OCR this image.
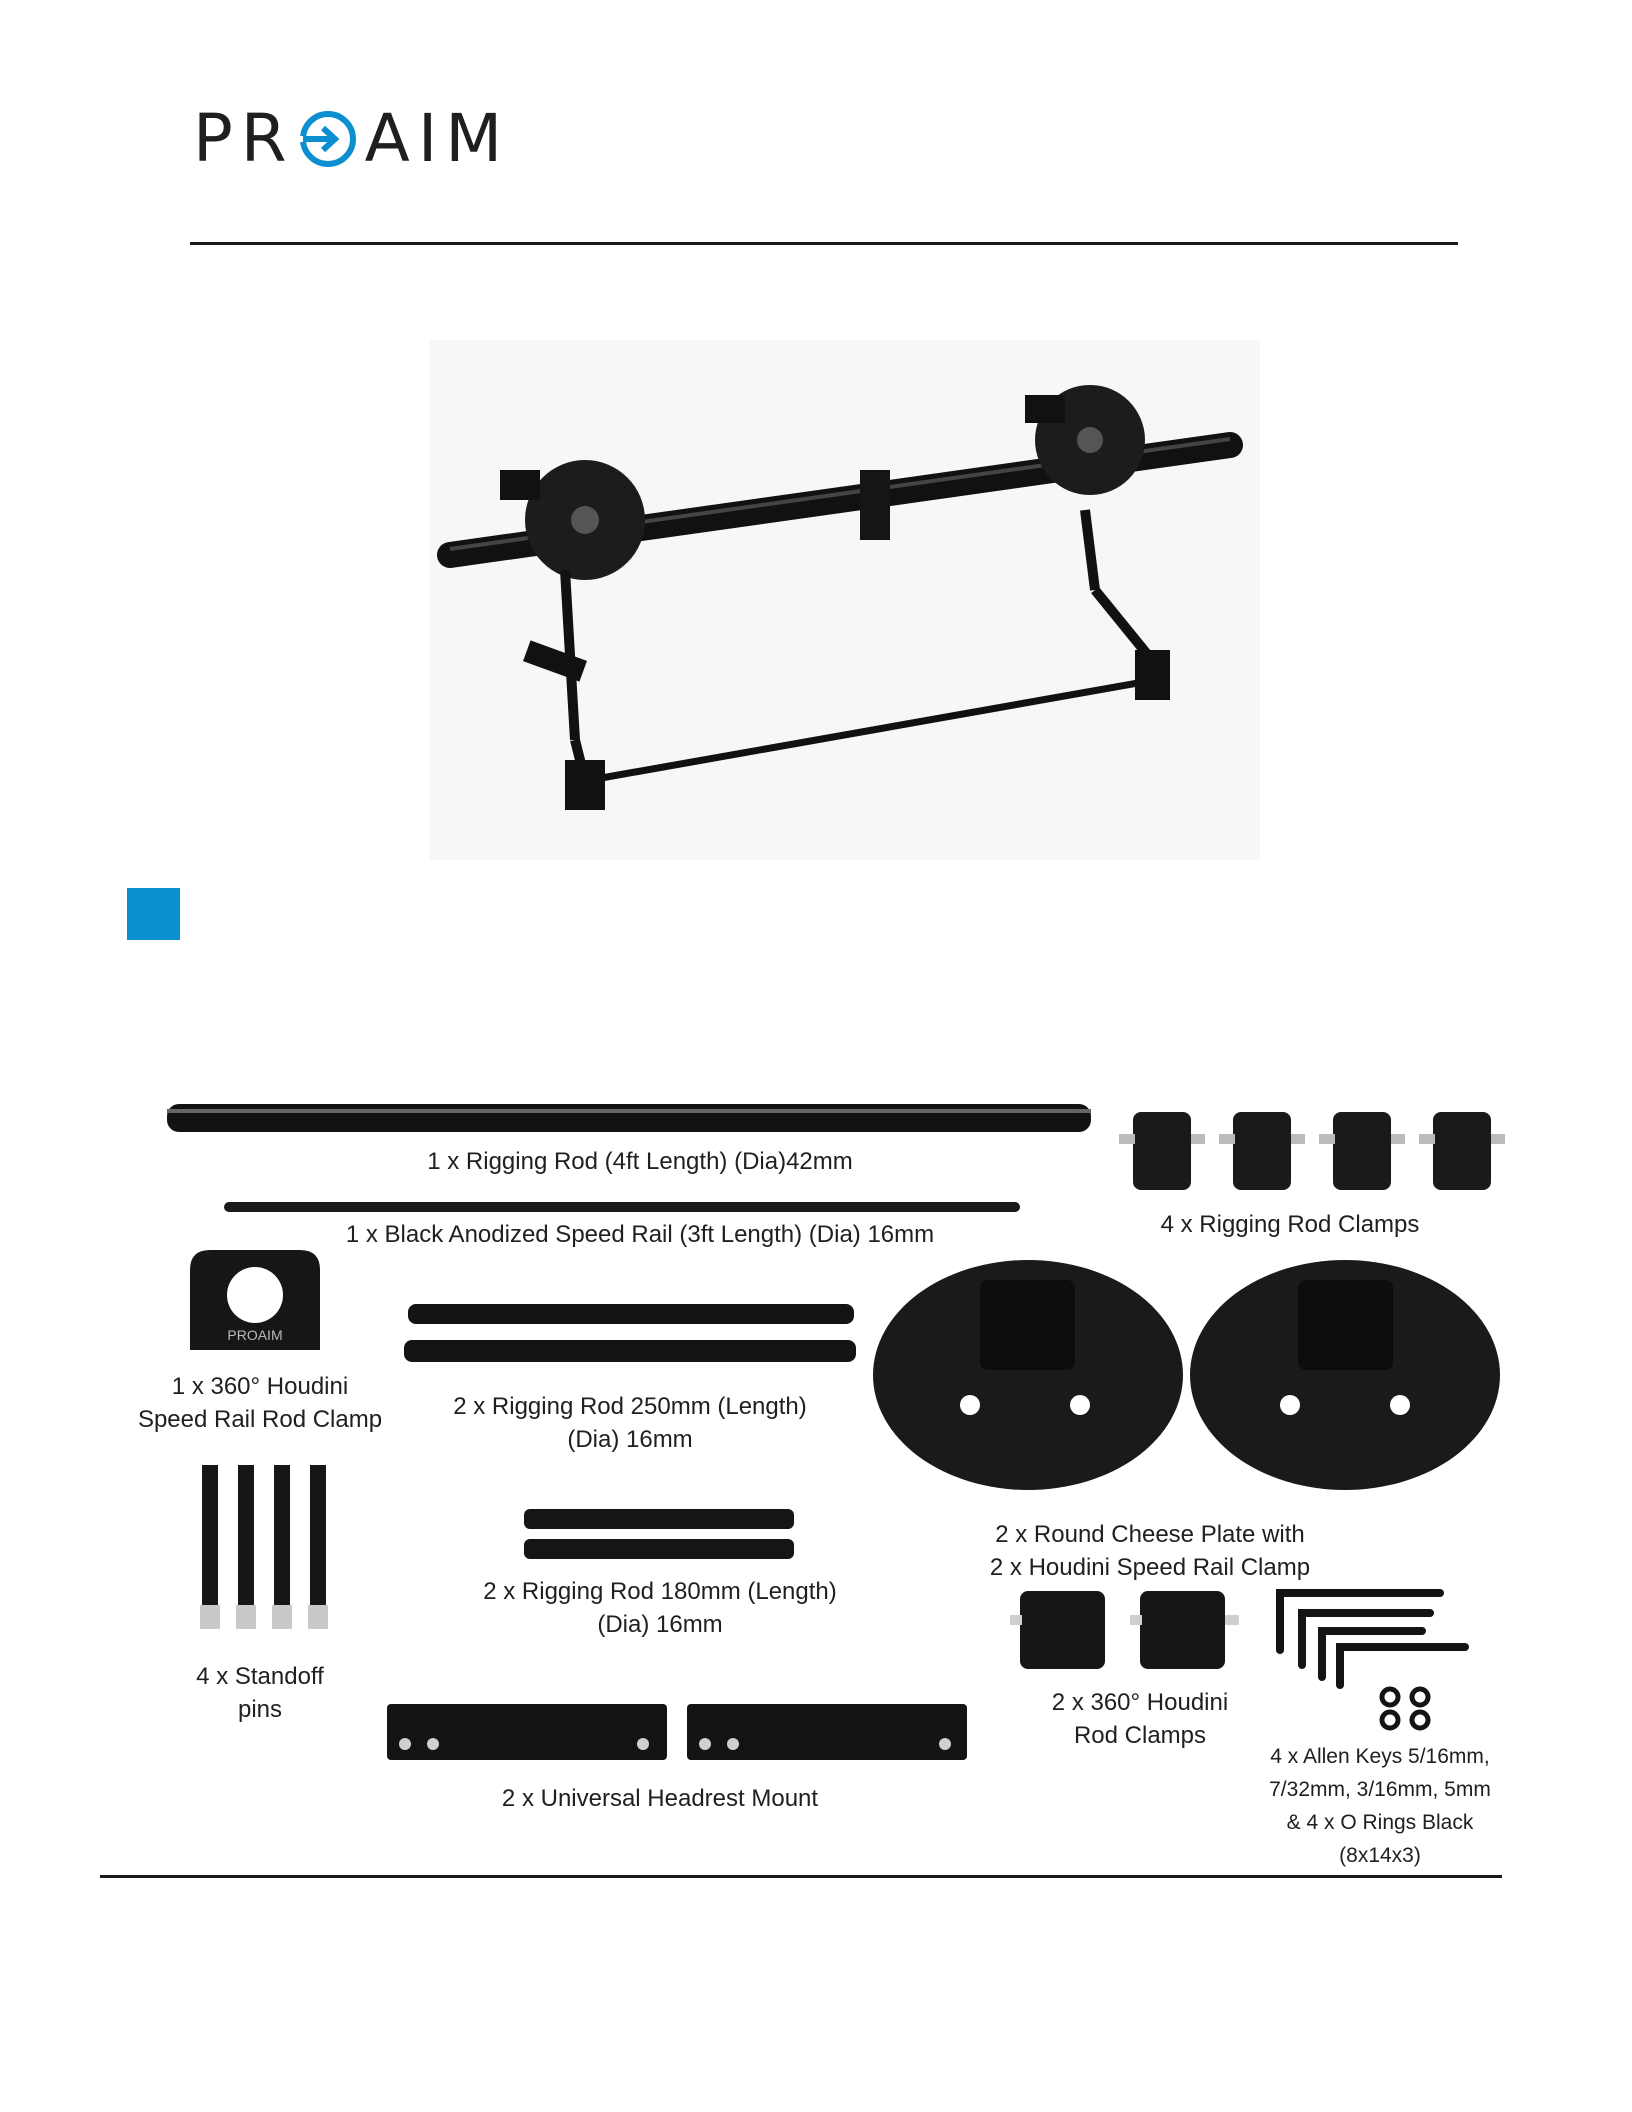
PR AIM
1 x Rigging Rod (4ft Length) (Dia)42mm
1 x Black Anodized Speed Rail (3ft Length) (Dia) 16mm	4 x Rigging Rod Clamps
PROAIM
1 x 360° Houdini
Speed Rail Rod Clamp	2 x Rigging Rod 250mm (Length)
(Dia) 16mm
2 x Round Cheese Plate with
2 x Houdini Speed Rail Clamp
4 x Standoff
pins
2 x Rigging Rod 180mm (Length)
(Dia) 16mm
2 x 360° Houdini
Rod Clamps
4 x Allen Keys 5/16mm,
7/32mm, 3/16mm, 5mm
& 4 x O Rings Black
(8x14x3)
2 x Universal Headrest Mount
